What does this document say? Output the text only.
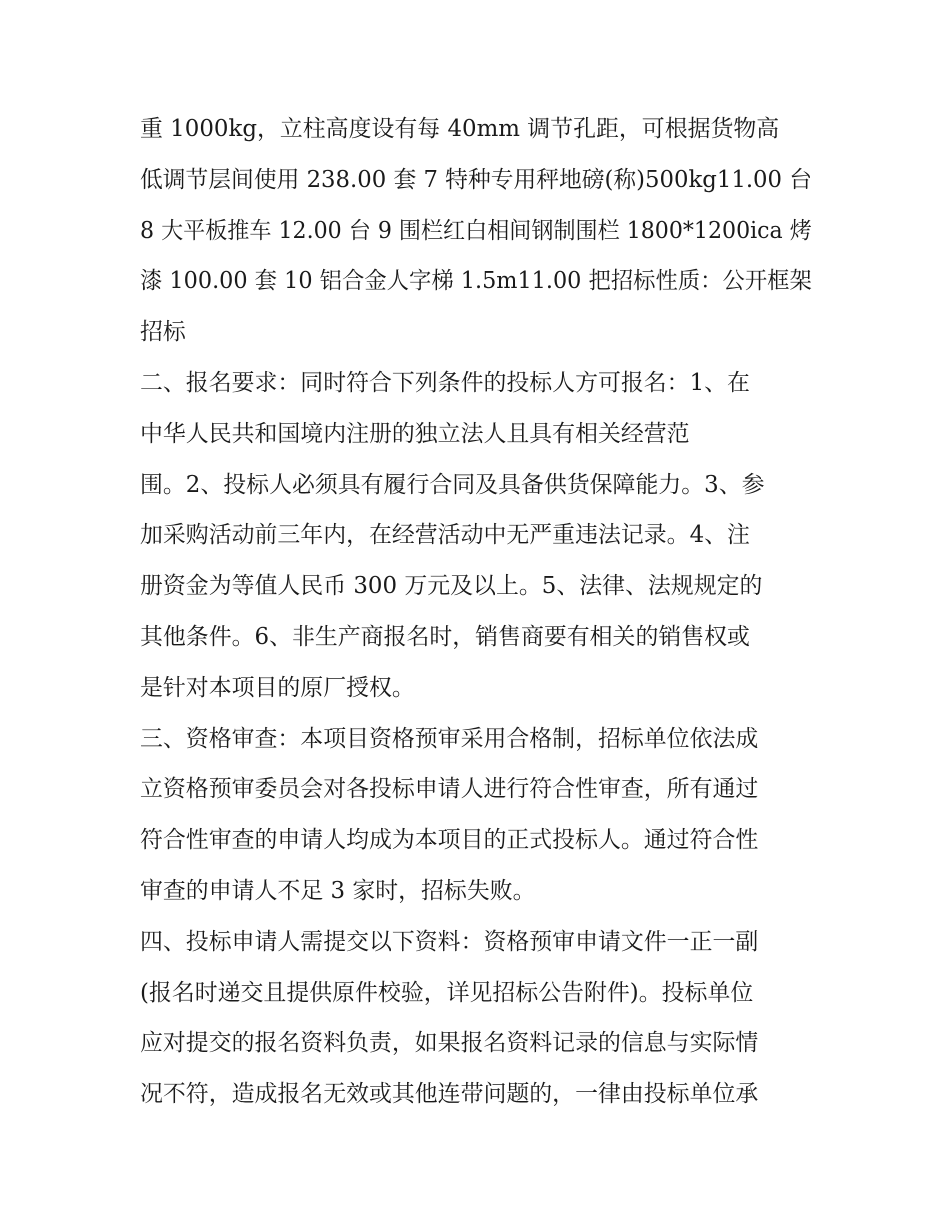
重 1000kg，立柱高度设有每 40mm 调节孔距，可根据货物高
低调节层间使用 238.00 套 7 特种专用秤地磅(称)500kg11.00 台
8 大平板推车 12.00 台 9 围栏红白相间钢制围栏 1800*1200ica 烤
漆 100.00 套 10 铝合金人字梯 1.5m11.00 把招标性质：公开框架
招标
二、报名要求：同时符合下列条件的投标人方可报名：1、在
中华人民共和国境内注册的独立法人且具有相关经营范
围。2、投标人必须具有履行合同及具备供货保障能力。3、参
加采购活动前三年内，在经营活动中无严重违法记录。4、注
册资金为等值人民币 300 万元及以上。5、法律、法规规定的
其他条件。6、非生产商报名时，销售商要有相关的销售权或
是针对本项目的原厂授权。
三、资格审查：本项目资格预审采用合格制，招标单位依法成
立资格预审委员会对各投标申请人进行符合性审查，所有通过
符合性审查的申请人均成为本项目的正式投标人。通过符合性
审查的申请人不足 3 家时，招标失败。
四、投标申请人需提交以下资料：资格预审申请文件一正一副
(报名时递交且提供原件校验，详见招标公告附件)。投标单位
应对提交的报名资料负责，如果报名资料记录的信息与实际情
况不符，造成报名无效或其他连带问题的，一律由投标单位承
